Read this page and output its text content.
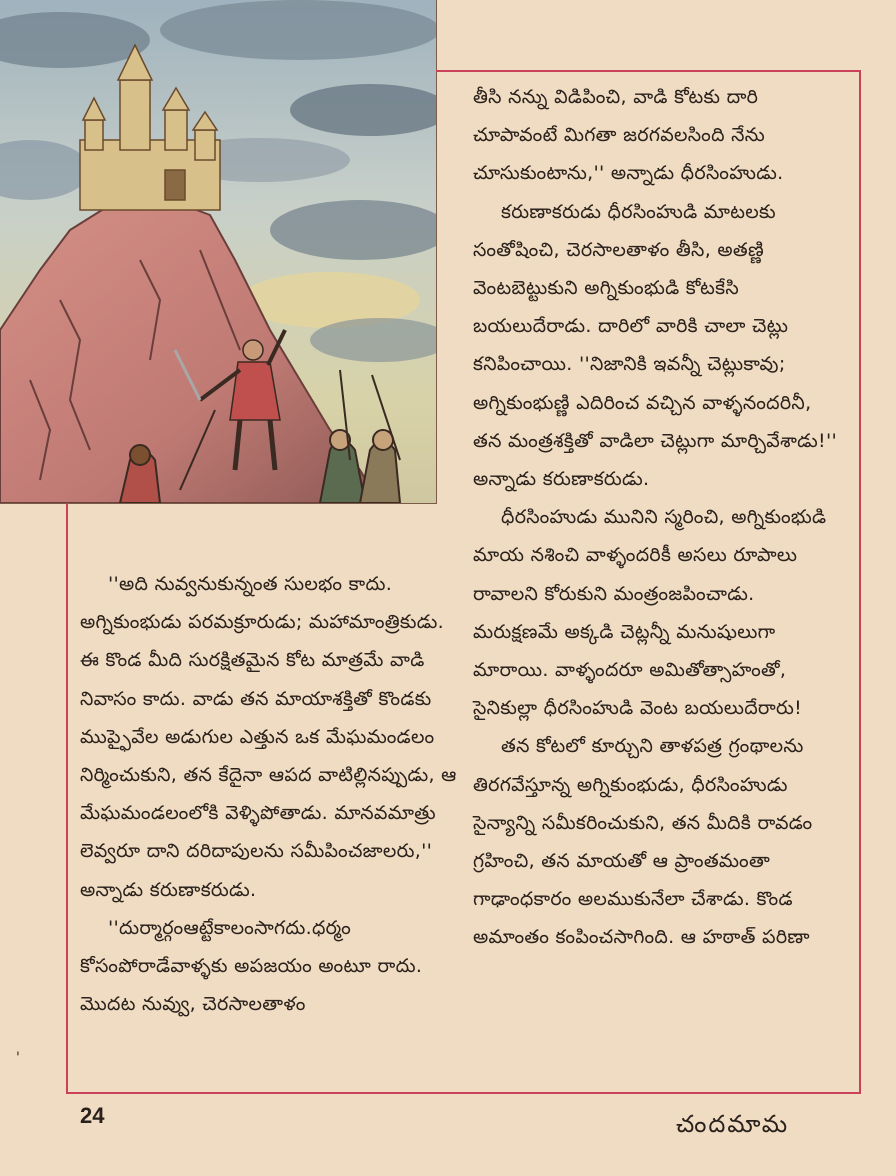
తీసి నన్ను విడిపించి, వాడి కోటకు దారి చూపావంటే మిగతా జరగవలసింది నేను చూసుకుంటాను,'' అన్నాడు ధీరసింహుడు.

కరుణాకరుడు ధీరసింహుడి మాటలకు సంతోషించి, చెరసాలతాళం తీసి, అతణ్ణి వెంటబెట్టుకుని అగ్నికుంభుడి కోటకేసి బయలుదేరాడు. దారిలో వారికి చాలా చెట్లు కనిపించాయి. ''నిజానికి ఇవన్నీ చెట్లుకావు; అగ్నికుంభుణ్ణి ఎదిరించ వచ్చిన వాళ్ళనందరినీ, తన మంత్రశక్తితో వాడిలా చెట్లుగా మార్చివేశాడు!'' అన్నాడు కరుణాకరుడు.

ధీరసింహుడు మునిని స్మరించి, అగ్నికుంభుడి మాయ నశించి వాళ్ళందరికీ అసలు రూపాలు రావాలని కోరుకుని మంత్రంజపించాడు. మరుక్షణమే అక్కడి చెట్లన్నీ మనుషులుగా మారాయి. వాళ్ళందరూ అమితోత్సాహంతో, సైనికుల్లా ధీరసింహుడి వెంట బయలుదేరారు!

తన కోటలో కూర్చుని తాళపత్ర గ్రంథాలను తిరగవేస్తూన్న అగ్నికుంభుడు, ధీరసింహుడు సైన్యాన్ని సమీకరించుకుని, తన మీదికి రావడం గ్రహించి, తన మాయతో ఆ ప్రాంతమంతా గాఢాంధకారం అలముకునేలా చేశాడు. కొండ అమాంతం కంపించసాగింది. ఆ హఠాత్ పరిణా

''అది నువ్వనుకున్నంత సులభం కాదు. అగ్నికుంభుడు పరమక్రూరుడు; మహామాంత్రికుడు. ఈ కొండ మీది సురక్షితమైన కోట మాత్రమే వాడి నివాసం కాదు. వాడు తన మాయాశక్తితో కొండకు ముప్ఫైవేల అడుగుల ఎత్తున ఒక మేఘమండలం నిర్మించుకుని, తన కేదైనా ఆపద వాటిల్లినప్పుడు, ఆ మేఘమండలంలోకి వెళ్ళిపోతాడు. మానవమాత్రు లెవ్వరూ దాని దరిదాపులను సమీపించజాలరు,'' అన్నాడు కరుణాకరుడు.

''దుర్మార్గంఆట్టేకాలంసాగదు.ధర్మం కోసంపోరాడేవాళ్ళకు అపజయం అంటూ రాదు. మొదట నువ్వు, చెరసాలతాళం

'
24	చందమామ
